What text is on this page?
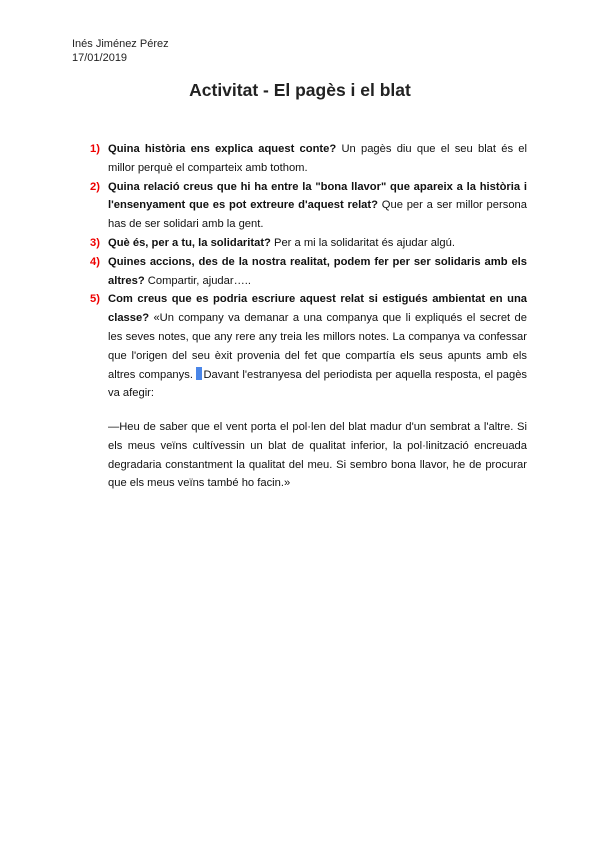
Inés Jiménez Pérez
17/01/2019
Activitat - El pagès i el blat

1) Quina història ens explica aquest conte? Un pagès diu que el seu blat és el millor perquè el comparteix amb tothom.

2) Quina relació creus que hi ha entre la "bona llavor" que apareix a la història i l'ensenyament que es pot extreure d'aquest relat? Que per a ser millor persona has de ser solidari amb la gent.

3) Què és, per a tu, la solidaritat? Per a mi la solidaritat és ajudar algú.

4) Quines accions, des de la nostra realitat, podem fer per ser solidaris amb els altres? Compartir, ajudar…..

5) Com creus que es podria escriure aquest relat si estigués ambientat en una classe? «Un company va demanar a una companya que li expliqués el secret de les seves notes, que any rere any treia les millors notes. La companya va confessar que l'origen del seu èxit provenia del fet que compartía els seus apunts amb els altres companys. Davant l'estranyesa del periodista per aquella resposta, el pagès va afegir:

—Heu de saber que el vent porta el pol·len del blat madur d'un sembrat a l'altre. Si els meus veïns cultívessin un blat de qualitat inferior, la pol·linització encreuada degradaria constantment la qualitat del meu. Si sembro bona llavor, he de procurar que els meus veïns també ho facin.»
